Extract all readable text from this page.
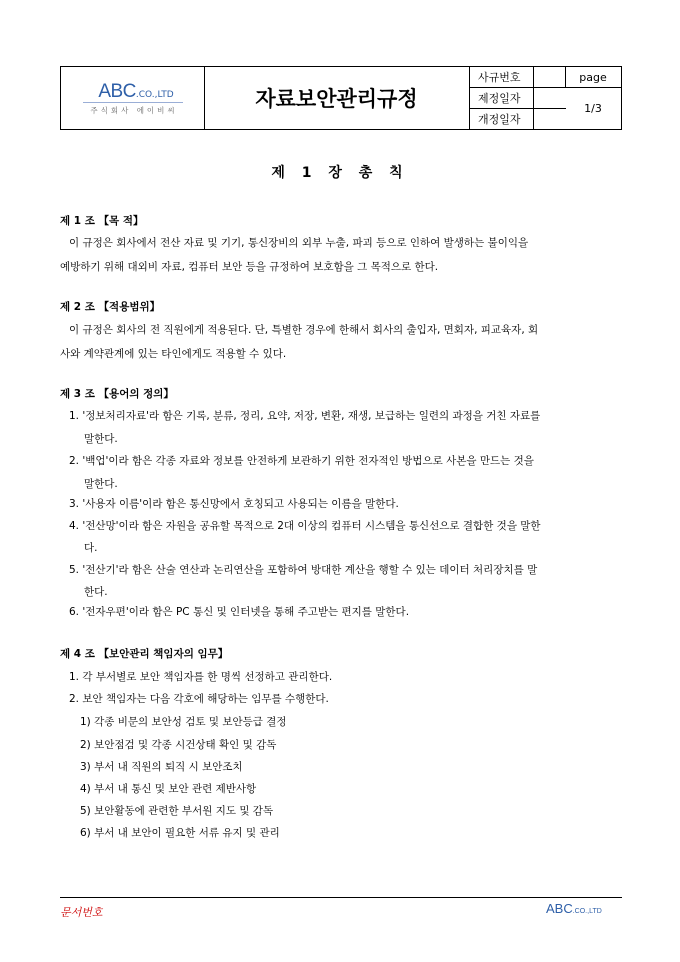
ABC.CO.,LTD
주식회사 에이비씨	자료보안관리규정
사규번호
제정일자
개정일자
page
1/3
제 1 장 총 칙
제 1 조 【목 적】
이 규정은 회사에서 전산 자료 및 기기, 통신장비의 외부 누출, 파괴 등으로 인하여 발생하는 불이익을
예방하기 위해 대외비 자료, 컴퓨터 보안 등을 규정하여 보호함을 그 목적으로 한다.
제 2 조 【적용범위】
이 규정은 회사의 전 직원에게 적용된다. 단, 특별한 경우에 한해서 회사의 출입자, 면회자, 피교육자, 회
사와 계약관계에 있는 타인에게도 적용할 수 있다.
제 3 조 【용어의 정의】
1. '정보처리자료'라 함은 기록, 분류, 정리, 요약, 저장, 변환, 재생, 보급하는 일련의 과정을 거친 자료를
말한다.
2. '백업'이라 함은 각종 자료와 정보를 안전하게 보관하기 위한 전자적인 방법으로 사본을 만드는 것을
말한다.
3. '사용자 이름'이라 함은 통신망에서 호칭되고 사용되는 이름을 말한다.
4. '전산망'이라 함은 자원을 공유할 목적으로 2대 이상의 컴퓨터 시스템을 통신선으로 결합한 것을 말한
다.
5. '전산기'라 함은 산술 연산과 논리연산을 포함하여 방대한 계산을 행할 수 있는 데이터 처리장치를 말
한다.
6. '전자우편'이라 함은 PC 통신 및 인터넷을 통해 주고받는 편지를 말한다.
제 4 조 【보안관리 책임자의 임무】
1. 각 부서별로 보안 책임자를 한 명씩 선정하고 관리한다.
2. 보안 책임자는 다음 각호에 해당하는 임무를 수행한다.
1) 각종 비문의 보안성 검토 및 보안등급 결정
2) 보안점검 및 각종 시건상태 확인 및 감독
3) 부서 내 직원의 퇴직 시 보안조치
4) 부서 내 통신 및 보안 관련 제반사항
5) 보안활동에 관련한 부서원 지도 및 감독
6) 부서 내 보안이 필요한 서류 유지 및 관리
문서번호	ABC.CO.,LTD
